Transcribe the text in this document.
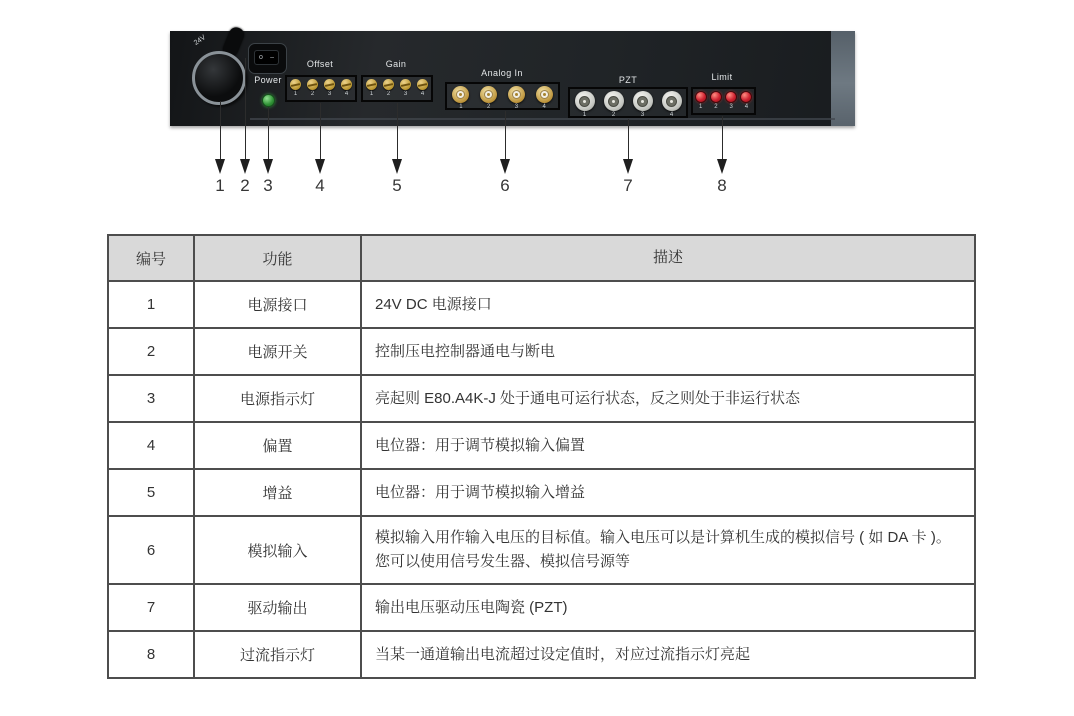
24V
o –
Power
Offset
1 2 3 4
Gain
1 2 3 4
Analog In
1	2	3	4
PZT
1	2	3	4
Limit
1 2 3 4
1 2 3	4	5	6	7	8
编号	功能	描述
1	电源接口	24V DC 电源接口
2	电源开关	控制压电控制器通电与断电
3	电源指示灯	亮起则 E80.A4K-J 处于通电可运行状态，反之则处于非运行状态
4	偏置	电位器：用于调节模拟输入偏置
5	增益	电位器：用于调节模拟输入增益
6	模拟输入	模拟输入用作输入电压的目标值。输入电压可以是计算机生成的模拟信号 ( 如 DA 卡 )。您可以使用信号发生器、模拟信号源等
7	驱动输出	输出电压驱动压电陶瓷 (PZT)
8	过流指示灯	当某一通道输出电流超过设定值时，对应过流指示灯亮起
